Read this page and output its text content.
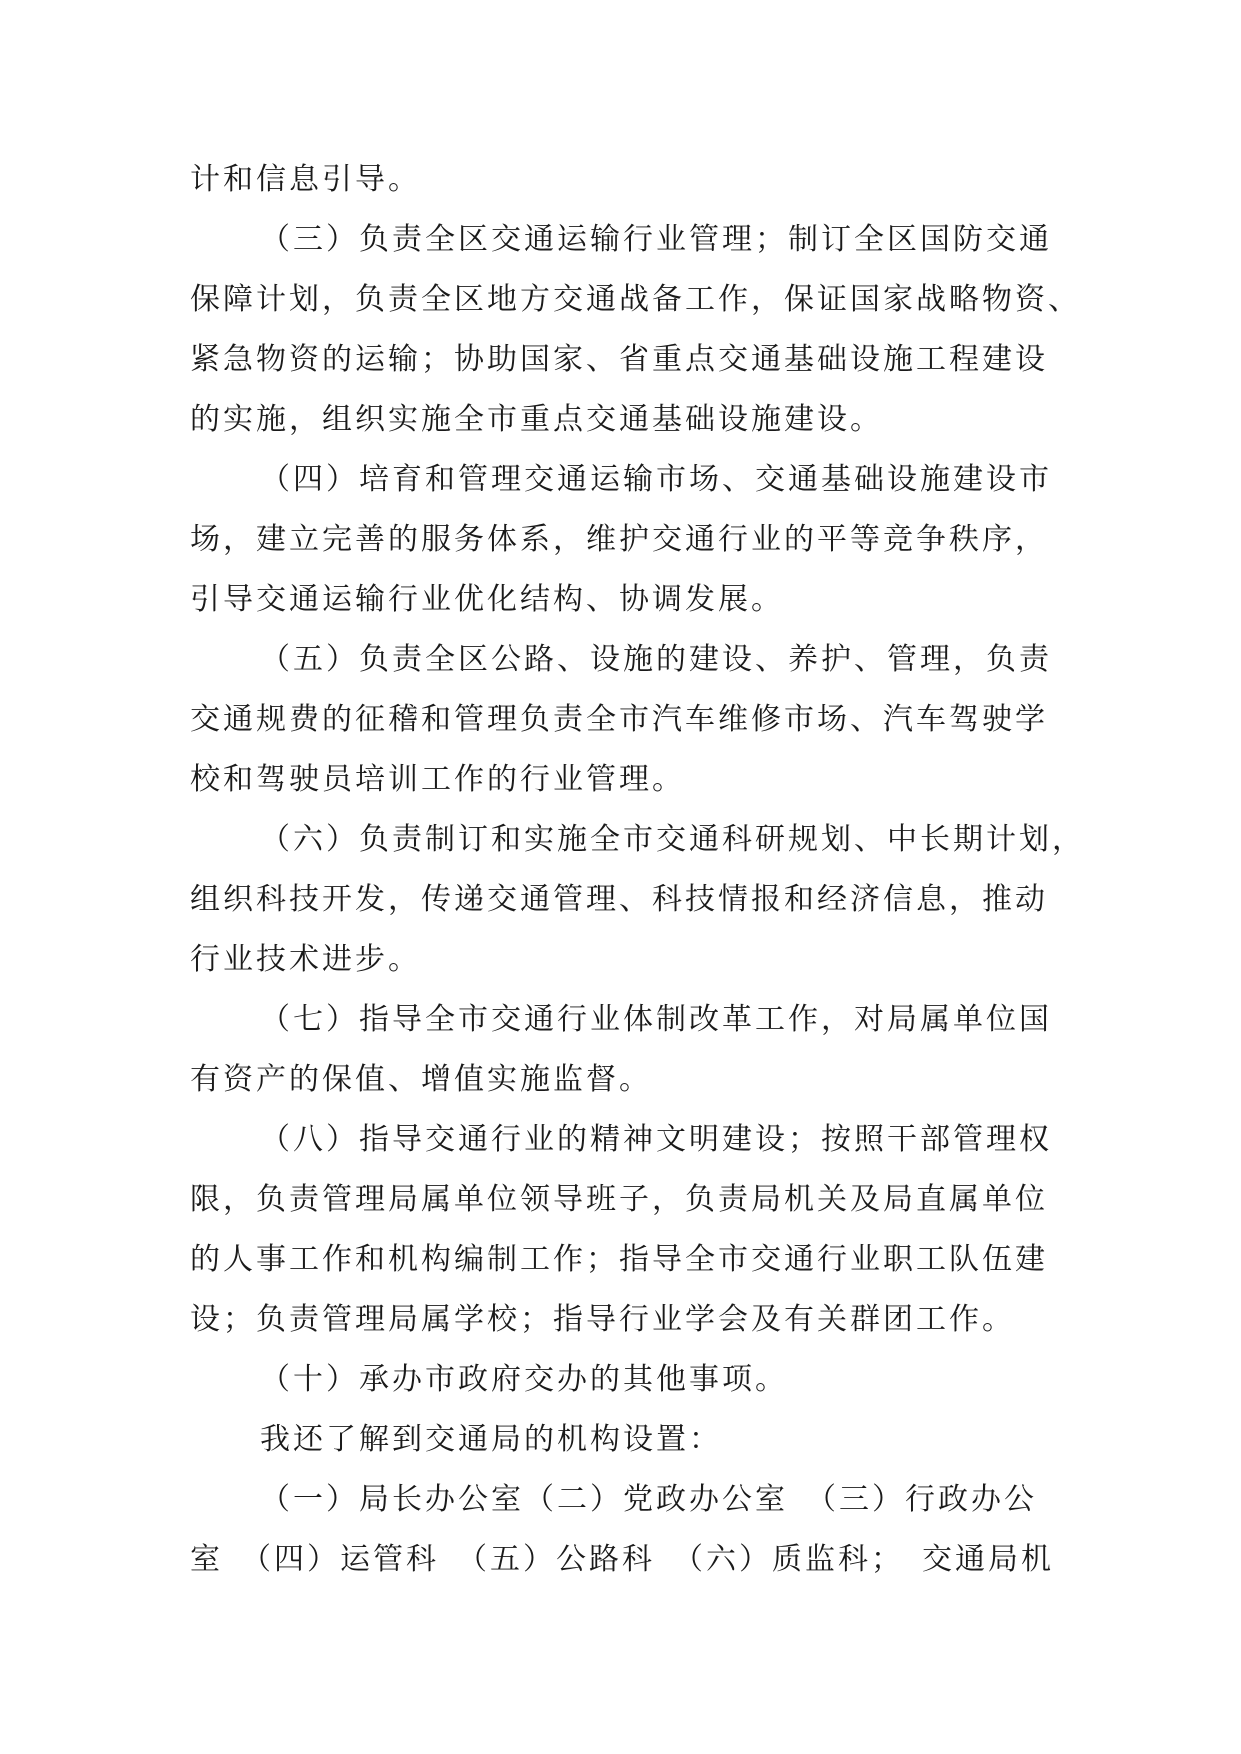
计和信息引导。
（三）负责全区交通运输行业管理；制订全区国防交通
保障计划，负责全区地方交通战备工作，保证国家战略物资、
紧急物资的运输；协助国家、省重点交通基础设施工程建设
的实施，组织实施全市重点交通基础设施建设。
（四）培育和管理交通运输市场、交通基础设施建设市
场，建立完善的服务体系，维护交通行业的平等竞争秩序，
引导交通运输行业优化结构、协调发展。
（五）负责全区公路、设施的建设、养护、管理，负责
交通规费的征稽和管理负责全市汽车维修市场、汽车驾驶学
校和驾驶员培训工作的行业管理。
（六）负责制订和实施全市交通科研规划、中长期计划，
组织科技开发，传递交通管理、科技情报和经济信息，推动
行业技术进步。
（七）指导全市交通行业体制改革工作，对局属单位国
有资产的保值、增值实施监督。
（八）指导交通行业的精神文明建设；按照干部管理权
限，负责管理局属单位领导班子，负责局机关及局直属单位
的人事工作和机构编制工作；指导全市交通行业职工队伍建
设；负责管理局属学校；指导行业学会及有关群团工作。
（十）承办市政府交办的其他事项。
我还了解到交通局的机构设置：
（一）局长办公室（二）党政办公室　（三）行政办公
室　（四）运管科　（五）公路科　（六）质监科；　交通局机
